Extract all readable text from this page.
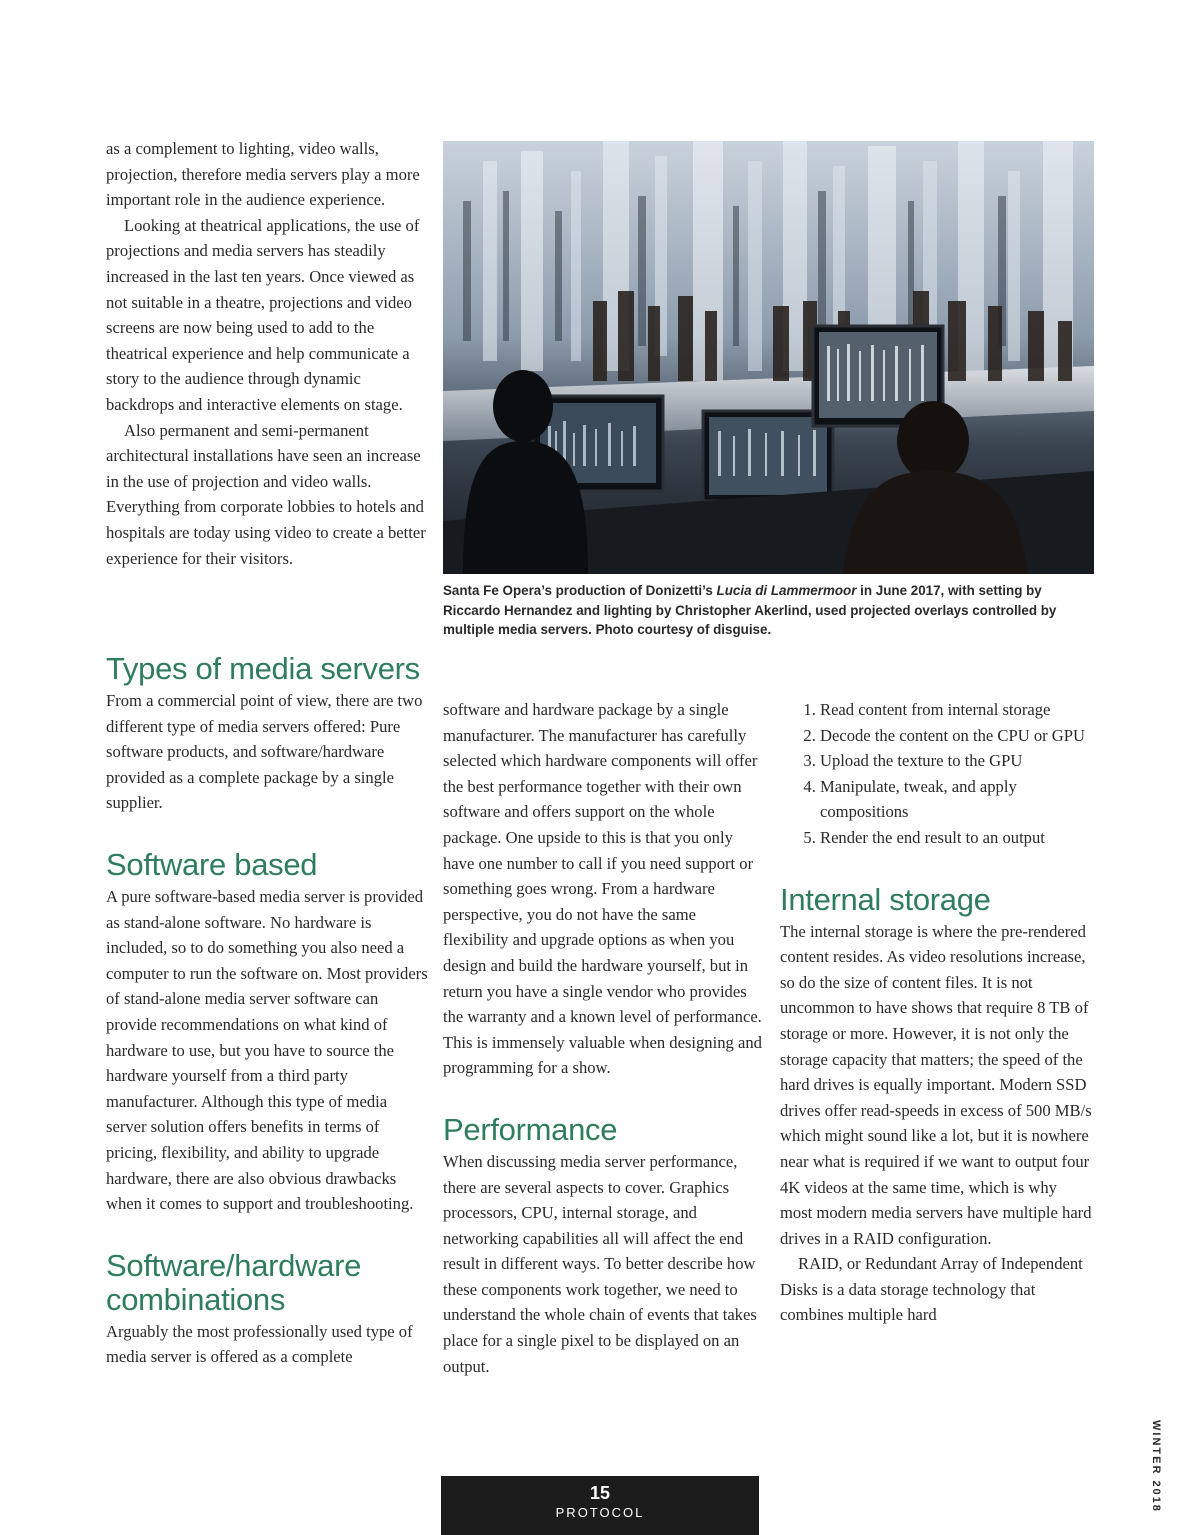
as a complement to lighting, video walls, projection, therefore media servers play a more important role in the audience experience.

Looking at theatrical applications, the use of projections and media servers has steadily increased in the last ten years. Once viewed as not suitable in a theatre, projections and video screens are now being used to add to the theatrical experience and help communicate a story to the audience through dynamic backdrops and interactive elements on stage.

Also permanent and semi-permanent architectural installations have seen an increase in the use of projection and video walls. Everything from corporate lobbies to hotels and hospitals are today using video to create a better experience for their visitors.

Santa Fe Opera’s production of Donizetti’s Lucia di Lammermoor in June 2017, with setting by Riccardo Hernandez and lighting by Christopher Akerlind, used projected overlays controlled by multiple media servers. Photo courtesy of disguise.
Types of media servers

From a commercial point of view, there are two different type of media servers offered: Pure software products, and software/hardware provided as a complete package by a single supplier.

Software based

A pure software-based media server is provided as stand-alone software. No hardware is included, so to do something you also need a computer to run the software on. Most providers of stand-alone media server software can provide recommendations on what kind of hardware to use, but you have to source the hardware yourself from a third party manufacturer. Although this type of media server solution offers benefits in terms of pricing, flexibility, and ability to upgrade hardware, there are also obvious drawbacks when it comes to support and troubleshooting.

Software/hardware combinations

Arguably the most professionally used type of media server is offered as a complete

software and hardware package by a single manufacturer. The manufacturer has carefully selected which hardware components will offer the best performance together with their own software and offers support on the whole package. One upside to this is that you only have one number to call if you need support or something goes wrong. From a hardware perspective, you do not have the same flexibility and upgrade options as when you design and build the hardware yourself, but in return you have a single vendor who provides the warranty and a known level of performance. This is immensely valuable when designing and programming for a show.

Performance

When discussing media server performance, there are several aspects to cover. Graphics processors, CPU, internal storage, and networking capabilities all will affect the end result in different ways. To better describe how these components work together, we need to understand the whole chain of events that takes place for a single pixel to be displayed on an output.

1. Read content from internal storage
2. Decode the content on the CPU or GPU
3. Upload the texture to the GPU
4. Manipulate, tweak, and apply compositions
5. Render the end result to an output
Internal storage

The internal storage is where the pre-rendered content resides. As video resolutions increase, so do the size of content files. It is not uncommon to have shows that require 8 TB of storage or more. However, it is not only the storage capacity that matters; the speed of the hard drives is equally important. Modern SSD drives offer read-speeds in excess of 500 MB/s which might sound like a lot, but it is nowhere near what is required if we want to output four 4K videos at the same time, which is why most modern media servers have multiple hard drives in a RAID configuration.

RAID, or Redundant Array of Independent Disks is a data storage technology that combines multiple hard

15
PROTOCOL	WINTER 2018
